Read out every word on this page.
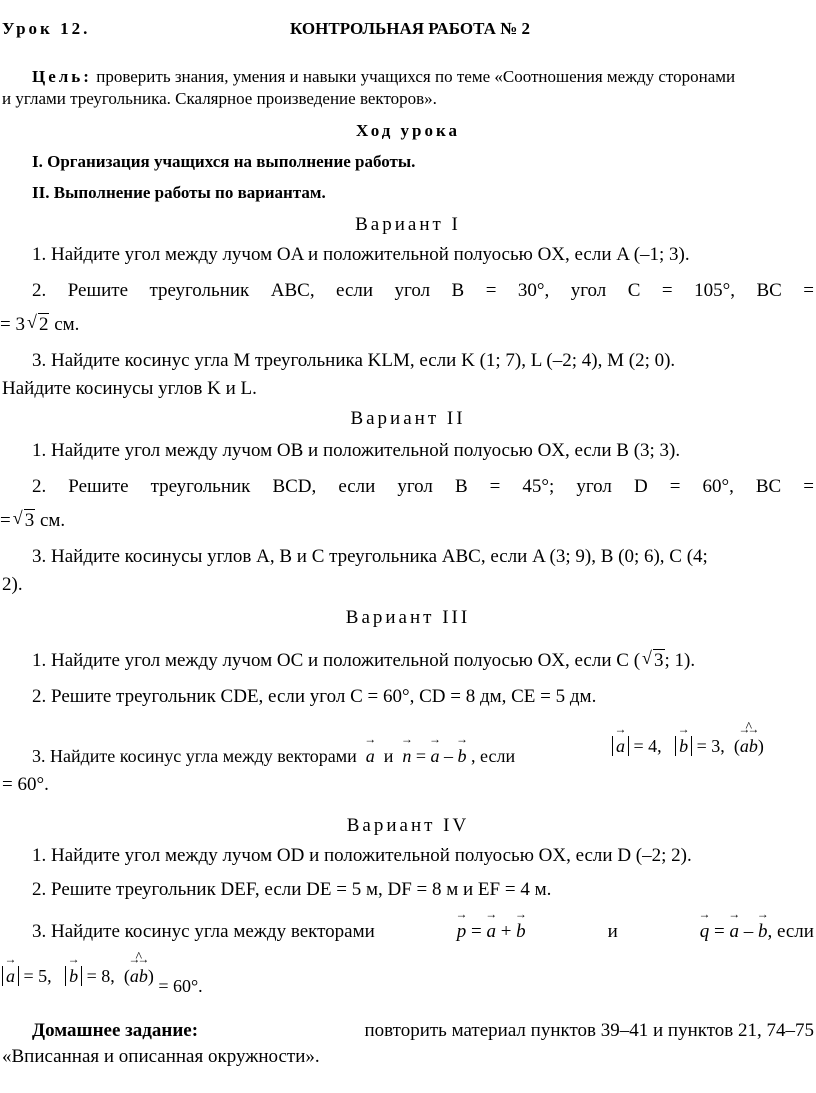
Урок 12.	КОНТРОЛЬНАЯ РАБОТА № 2
Цель: проверить знания, умения и навыки учащихся по теме «Соотношения между сторонами
и углами треугольника. Скалярное произведение векторов».
Ход урока
I. Организация учащихся на выполнение работы.
II. Выполнение работы по вариантам.
Вариант I
1. Найдите угол между лучом OA и положительной полуосью OX, если A (–1; 3).
2. Решите треугольник ABC, если угол B = 30°, угол C = 105°, BC =
= 3 √ 2 см.
3. Найдите косинус угла M треугольника KLM, если K (1; 7), L (–2; 4), M (2; 0).
Найдите косинусы углов K и L.
Вариант II
1. Найдите угол между лучом OB и положительной полуосью OX, если B (3; 3).
2. Решите треугольник BCD, если угол B = 45°; угол D = 60°, BC =
= √ 3 см.
3. Найдите косинусы углов A, B и C треугольника ABC, если A (3; 9), B (0; 6), C (4;
2).
Вариант III
1. Найдите угол между лучом OC и положительной полуосью OX, если C ( √ 3; 1).
2. Решите треугольник CDE, если угол C = 60°, CD = 8 дм, CE = 5 дм.
3. Найдите косинус угла между векторами → a и → n = → a – → b , если	→ a = 4, → b = 3,  (^ → a→ b)
= 60°.
Вариант IV
1. Найдите угол между лучом OD и положительной полуосью OX, если D (–2; 2).
2. Решите треугольник DEF, если DE = 5 м, DF = 8 м и EF = 4 м.
3. Найдите косинус угла между векторами	→ p = → a + → b	и	→ q = → a – → b, если
→ a = 5, → b = 8,  (^ → a→ b) = 60°.
Домашнее задание:	повторить материал пунктов 39–41 и пунктов 21, 74–75
«Вписанная и описанная окружности».
